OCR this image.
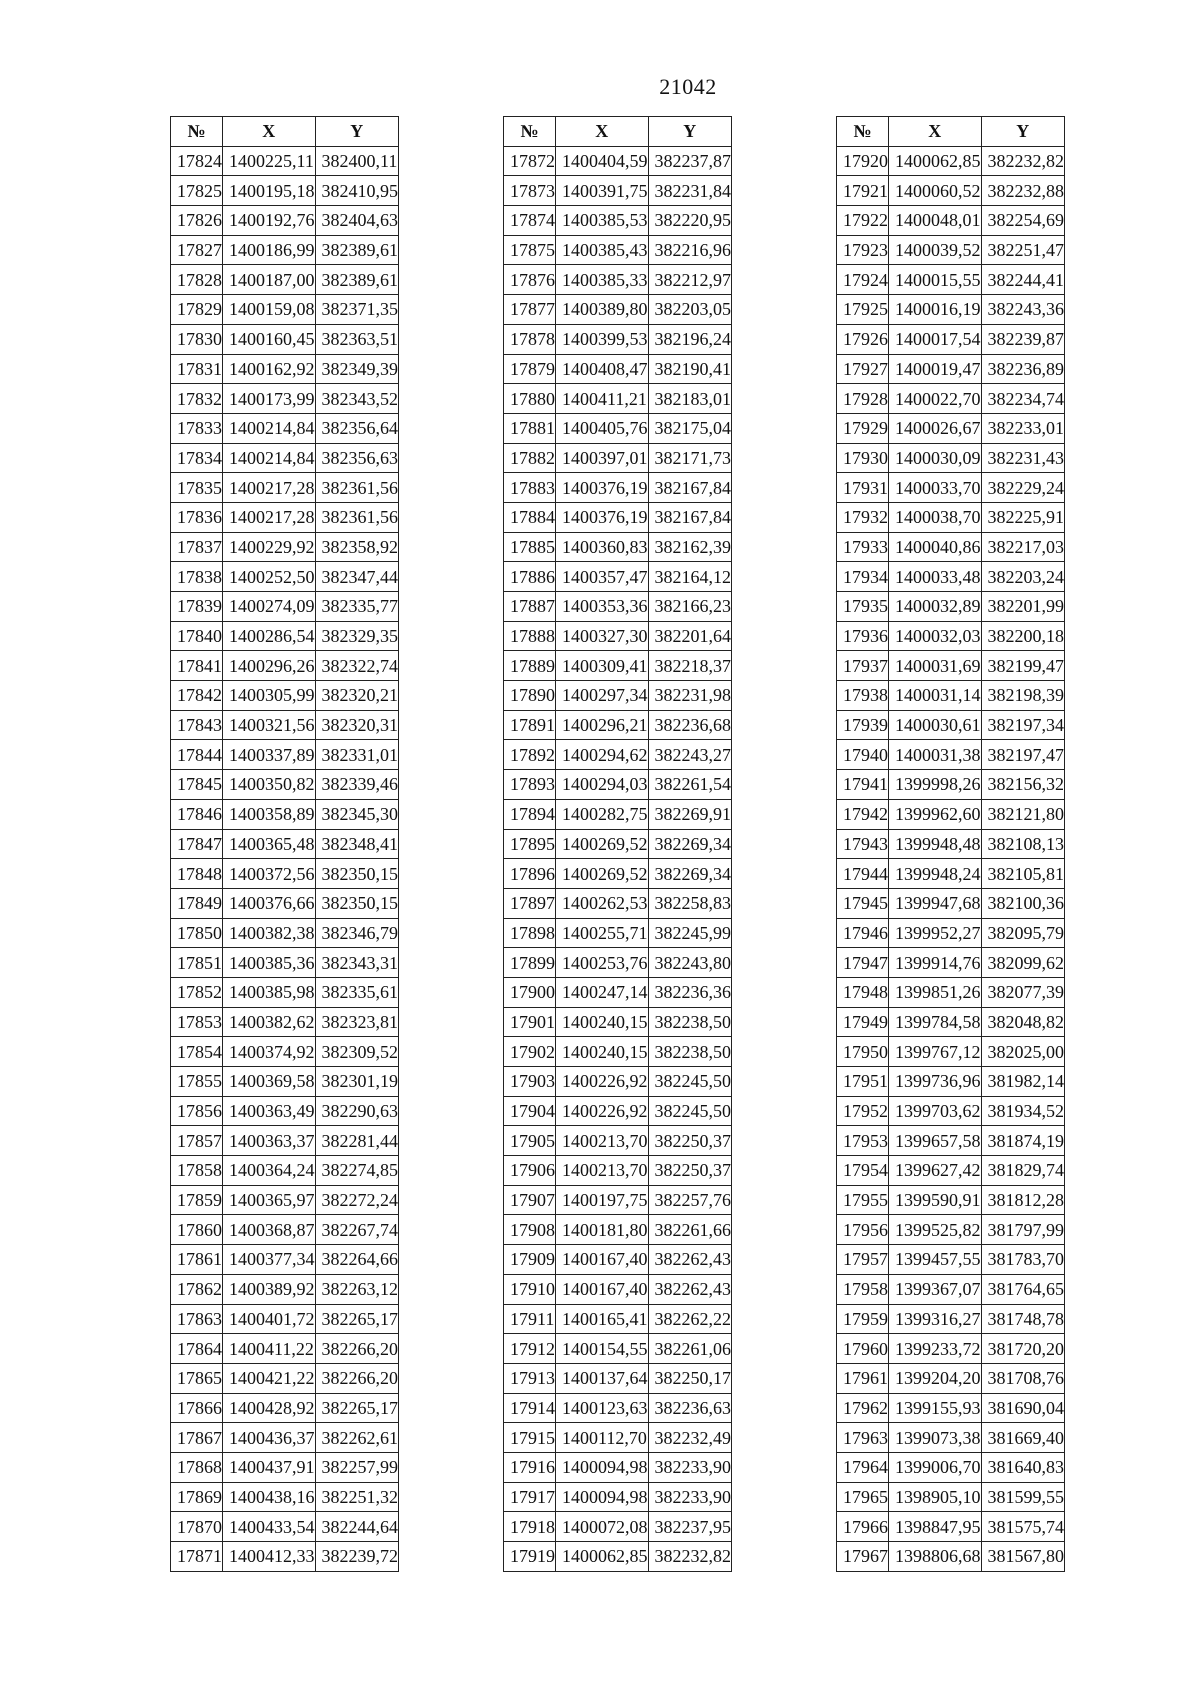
21042
№	X	Y
17824	1400225,11	382400,11
17825	1400195,18	382410,95
17826	1400192,76	382404,63
17827	1400186,99	382389,61
17828	1400187,00	382389,61
17829	1400159,08	382371,35
17830	1400160,45	382363,51
17831	1400162,92	382349,39
17832	1400173,99	382343,52
17833	1400214,84	382356,64
17834	1400214,84	382356,63
17835	1400217,28	382361,56
17836	1400217,28	382361,56
17837	1400229,92	382358,92
17838	1400252,50	382347,44
17839	1400274,09	382335,77
17840	1400286,54	382329,35
17841	1400296,26	382322,74
17842	1400305,99	382320,21
17843	1400321,56	382320,31
17844	1400337,89	382331,01
17845	1400350,82	382339,46
17846	1400358,89	382345,30
17847	1400365,48	382348,41
17848	1400372,56	382350,15
17849	1400376,66	382350,15
17850	1400382,38	382346,79
17851	1400385,36	382343,31
17852	1400385,98	382335,61
17853	1400382,62	382323,81
17854	1400374,92	382309,52
17855	1400369,58	382301,19
17856	1400363,49	382290,63
17857	1400363,37	382281,44
17858	1400364,24	382274,85
17859	1400365,97	382272,24
17860	1400368,87	382267,74
17861	1400377,34	382264,66
17862	1400389,92	382263,12
17863	1400401,72	382265,17
17864	1400411,22	382266,20
17865	1400421,22	382266,20
17866	1400428,92	382265,17
17867	1400436,37	382262,61
17868	1400437,91	382257,99
17869	1400438,16	382251,32
17870	1400433,54	382244,64
17871	1400412,33	382239,72
№	X	Y
17872	1400404,59	382237,87
17873	1400391,75	382231,84
17874	1400385,53	382220,95
17875	1400385,43	382216,96
17876	1400385,33	382212,97
17877	1400389,80	382203,05
17878	1400399,53	382196,24
17879	1400408,47	382190,41
17880	1400411,21	382183,01
17881	1400405,76	382175,04
17882	1400397,01	382171,73
17883	1400376,19	382167,84
17884	1400376,19	382167,84
17885	1400360,83	382162,39
17886	1400357,47	382164,12
17887	1400353,36	382166,23
17888	1400327,30	382201,64
17889	1400309,41	382218,37
17890	1400297,34	382231,98
17891	1400296,21	382236,68
17892	1400294,62	382243,27
17893	1400294,03	382261,54
17894	1400282,75	382269,91
17895	1400269,52	382269,34
17896	1400269,52	382269,34
17897	1400262,53	382258,83
17898	1400255,71	382245,99
17899	1400253,76	382243,80
17900	1400247,14	382236,36
17901	1400240,15	382238,50
17902	1400240,15	382238,50
17903	1400226,92	382245,50
17904	1400226,92	382245,50
17905	1400213,70	382250,37
17906	1400213,70	382250,37
17907	1400197,75	382257,76
17908	1400181,80	382261,66
17909	1400167,40	382262,43
17910	1400167,40	382262,43
17911	1400165,41	382262,22
17912	1400154,55	382261,06
17913	1400137,64	382250,17
17914	1400123,63	382236,63
17915	1400112,70	382232,49
17916	1400094,98	382233,90
17917	1400094,98	382233,90
17918	1400072,08	382237,95
17919	1400062,85	382232,82
№	X	Y
17920	1400062,85	382232,82
17921	1400060,52	382232,88
17922	1400048,01	382254,69
17923	1400039,52	382251,47
17924	1400015,55	382244,41
17925	1400016,19	382243,36
17926	1400017,54	382239,87
17927	1400019,47	382236,89
17928	1400022,70	382234,74
17929	1400026,67	382233,01
17930	1400030,09	382231,43
17931	1400033,70	382229,24
17932	1400038,70	382225,91
17933	1400040,86	382217,03
17934	1400033,48	382203,24
17935	1400032,89	382201,99
17936	1400032,03	382200,18
17937	1400031,69	382199,47
17938	1400031,14	382198,39
17939	1400030,61	382197,34
17940	1400031,38	382197,47
17941	1399998,26	382156,32
17942	1399962,60	382121,80
17943	1399948,48	382108,13
17944	1399948,24	382105,81
17945	1399947,68	382100,36
17946	1399952,27	382095,79
17947	1399914,76	382099,62
17948	1399851,26	382077,39
17949	1399784,58	382048,82
17950	1399767,12	382025,00
17951	1399736,96	381982,14
17952	1399703,62	381934,52
17953	1399657,58	381874,19
17954	1399627,42	381829,74
17955	1399590,91	381812,28
17956	1399525,82	381797,99
17957	1399457,55	381783,70
17958	1399367,07	381764,65
17959	1399316,27	381748,78
17960	1399233,72	381720,20
17961	1399204,20	381708,76
17962	1399155,93	381690,04
17963	1399073,38	381669,40
17964	1399006,70	381640,83
17965	1398905,10	381599,55
17966	1398847,95	381575,74
17967	1398806,68	381567,80
